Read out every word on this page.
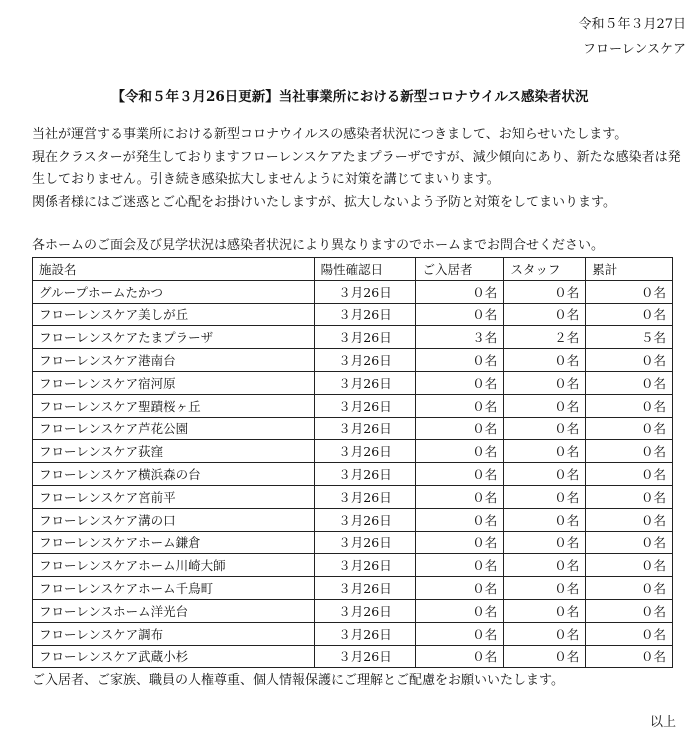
令和５年３月27日
フローレンスケア
【令和５年３月26日更新】当社事業所における新型コロナウイルス感染者状況

当社が運営する事業所における新型コロナウイルスの感染者状況につきまして、お知らせいたします。

現在クラスターが発生しておりますフローレンスケアたまプラーザですが、減少傾向にあり、新たな感染者は発生しておりません。引き続き感染拡大しませんように対策を講じてまいります。

関係者様にはご迷惑とご心配をお掛けいたしますが、拡大しないよう予防と対策をしてまいります。

各ホームのご面会及び見学状況は感染者状況により異なりますのでホームまでお問合せください。
施設名	陽性確認日	ご入居者	スタッフ	累計
グループホームたかつ	３月26日	０名	０名	０名
フローレンスケア美しが丘	３月26日	０名	０名	０名
フローレンスケアたまプラーザ	３月26日	３名	２名	５名
フローレンスケア港南台	３月26日	０名	０名	０名
フローレンスケア宿河原	３月26日	０名	０名	０名
フローレンスケア聖蹟桜ヶ丘	３月26日	０名	０名	０名
フローレンスケア芦花公園	３月26日	０名	０名	０名
フローレンスケア荻窪	３月26日	０名	０名	０名
フローレンスケア横浜森の台	３月26日	０名	０名	０名
フローレンスケア宮前平	３月26日	０名	０名	０名
フローレンスケア溝の口	３月26日	０名	０名	０名
フローレンスケアホーム鎌倉	３月26日	０名	０名	０名
フローレンスケアホーム川崎大師	３月26日	０名	０名	０名
フローレンスケアホーム千鳥町	３月26日	０名	０名	０名
フローレンスホーム洋光台	３月26日	０名	０名	０名
フローレンスケア調布	３月26日	０名	０名	０名
フローレンスケア武蔵小杉	３月26日	０名	０名	０名
ご入居者、ご家族、職員の人権尊重、個人情報保護にご理解とご配慮をお願いいたします。
以上
